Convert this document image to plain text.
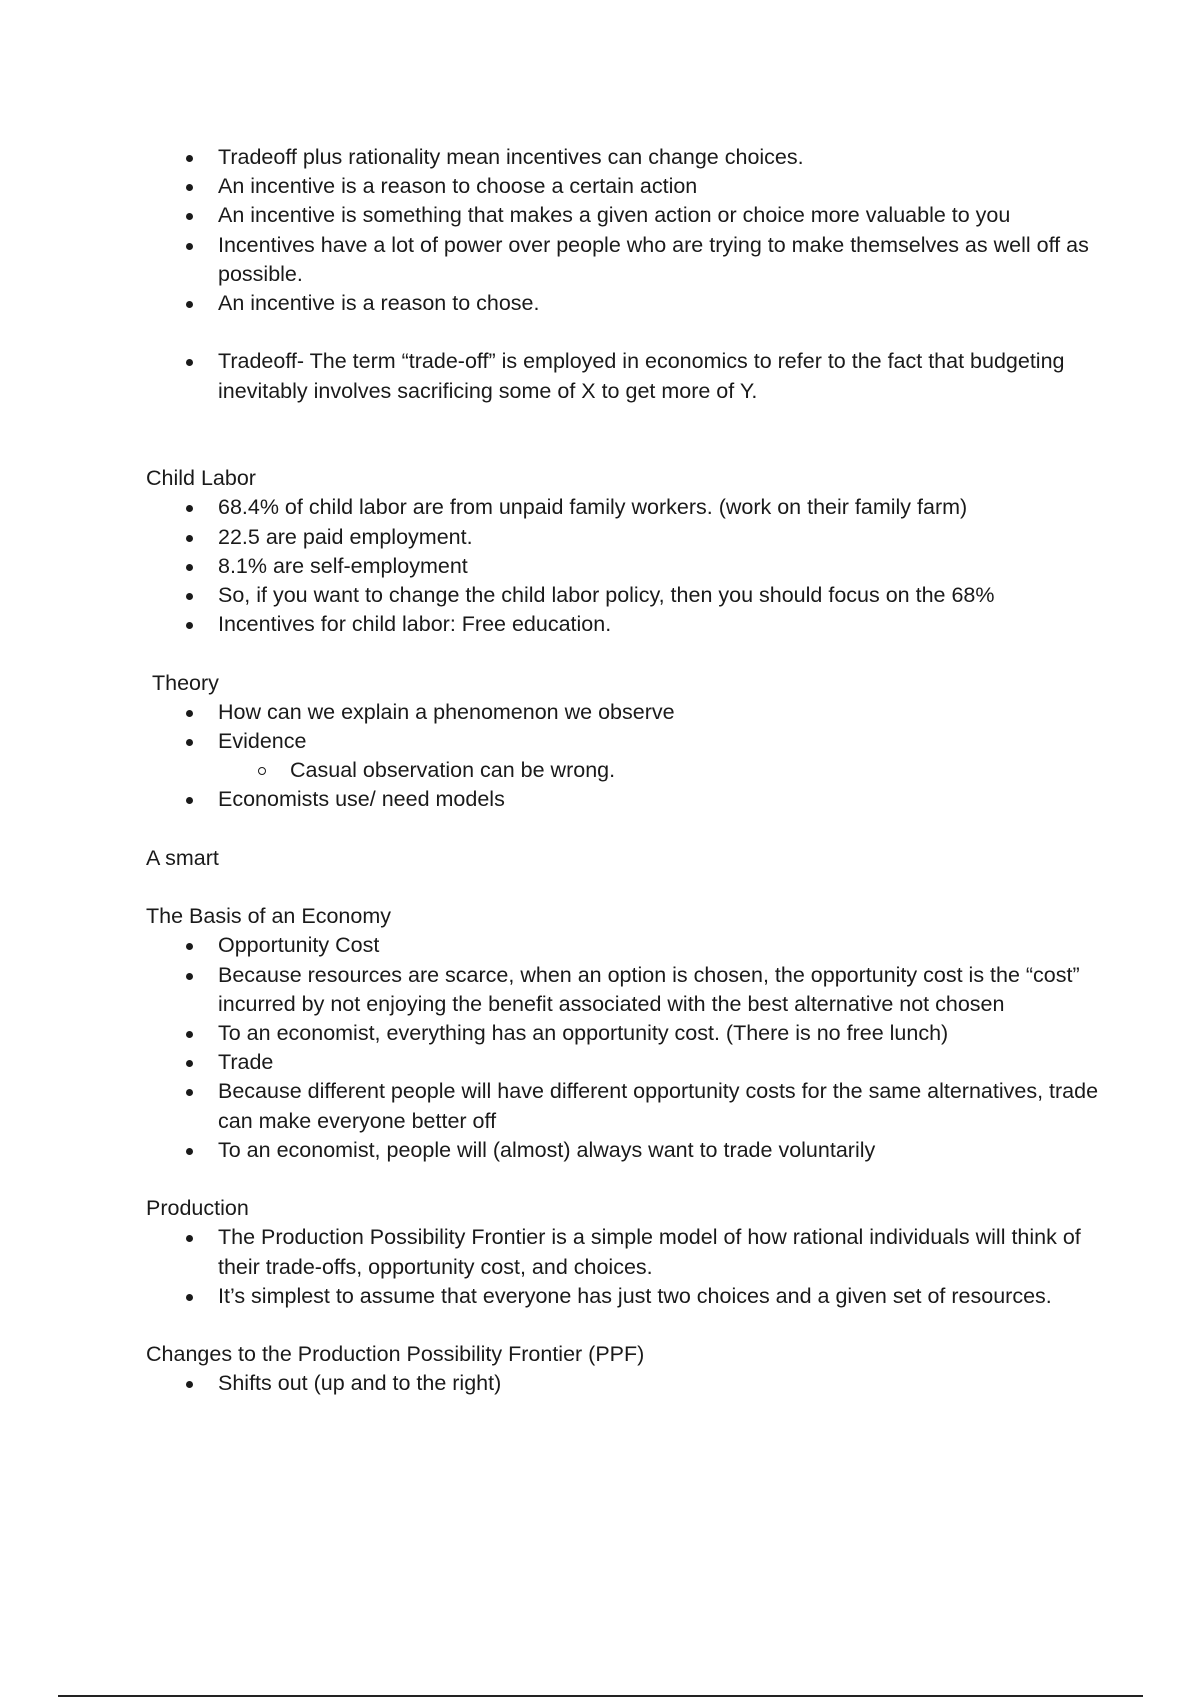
Tradeoff plus rationality mean incentives can change choices.
An incentive is a reason to choose a certain action
An incentive is something that makes a given action or choice more valuable to you
Incentives have a lot of power over people who are trying to make themselves as well off as possible.
An incentive is a reason to chose.
Tradeoff- The term “trade-off” is employed in economics to refer to the fact that budgeting inevitably involves sacrificing some of X to get more of Y.

Child Labor

68.4% of child labor are from unpaid family workers. (work on their family farm)
22.5 are paid employment.
8.1% are self-employment
So, if you want to change the child labor policy, then you should focus on the 68%
Incentives for child labor: Free education.

Theory

How can we explain a phenomenon we observe
Evidence
Casual observation can be wrong.
Economists use/ need models

A smart

The Basis of an Economy

Opportunity Cost
Because resources are scarce, when an option is chosen, the opportunity cost is the “cost” incurred by not enjoying the benefit associated with the best alternative not chosen
To an economist, everything has an opportunity cost. (There is no free lunch)
Trade
Because different people will have different opportunity costs for the same alternatives, trade can make everyone better off
To an economist, people will (almost) always want to trade voluntarily

Production

The Production Possibility Frontier is a simple model of how rational individuals will think of their trade-offs, opportunity cost, and choices.
It’s simplest to assume that everyone has just two choices and a given set of resources.

Changes to the Production Possibility Frontier (PPF)

Shifts out (up and to the right)
